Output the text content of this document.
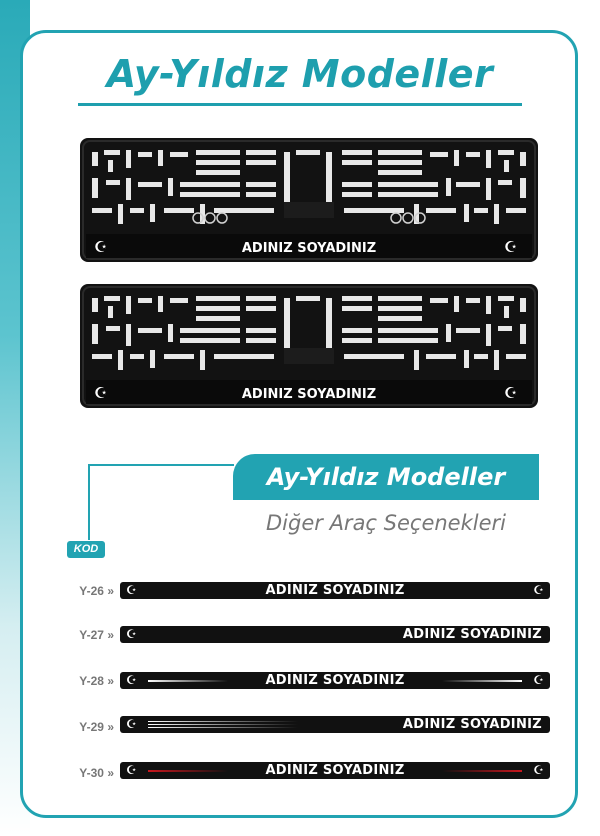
Ay-Yıldız Modeller
☪	☪
ADINIZ SOYADINIZ
☪	☪
ADINIZ SOYADINIZ
Ay-Yıldız Modeller
Diğer Araç Seçenekleri
KOD
Y-26 » ☪	ADINIZ SOYADINIZ	☪
Y-27 » ☪	ADINIZ SOYADINIZ
Y-28 » ☪	ADINIZ SOYADINIZ	☪
Y-29 » ☪	ADINIZ SOYADINIZ
Y-30 » ☪	ADINIZ SOYADINIZ	☪
